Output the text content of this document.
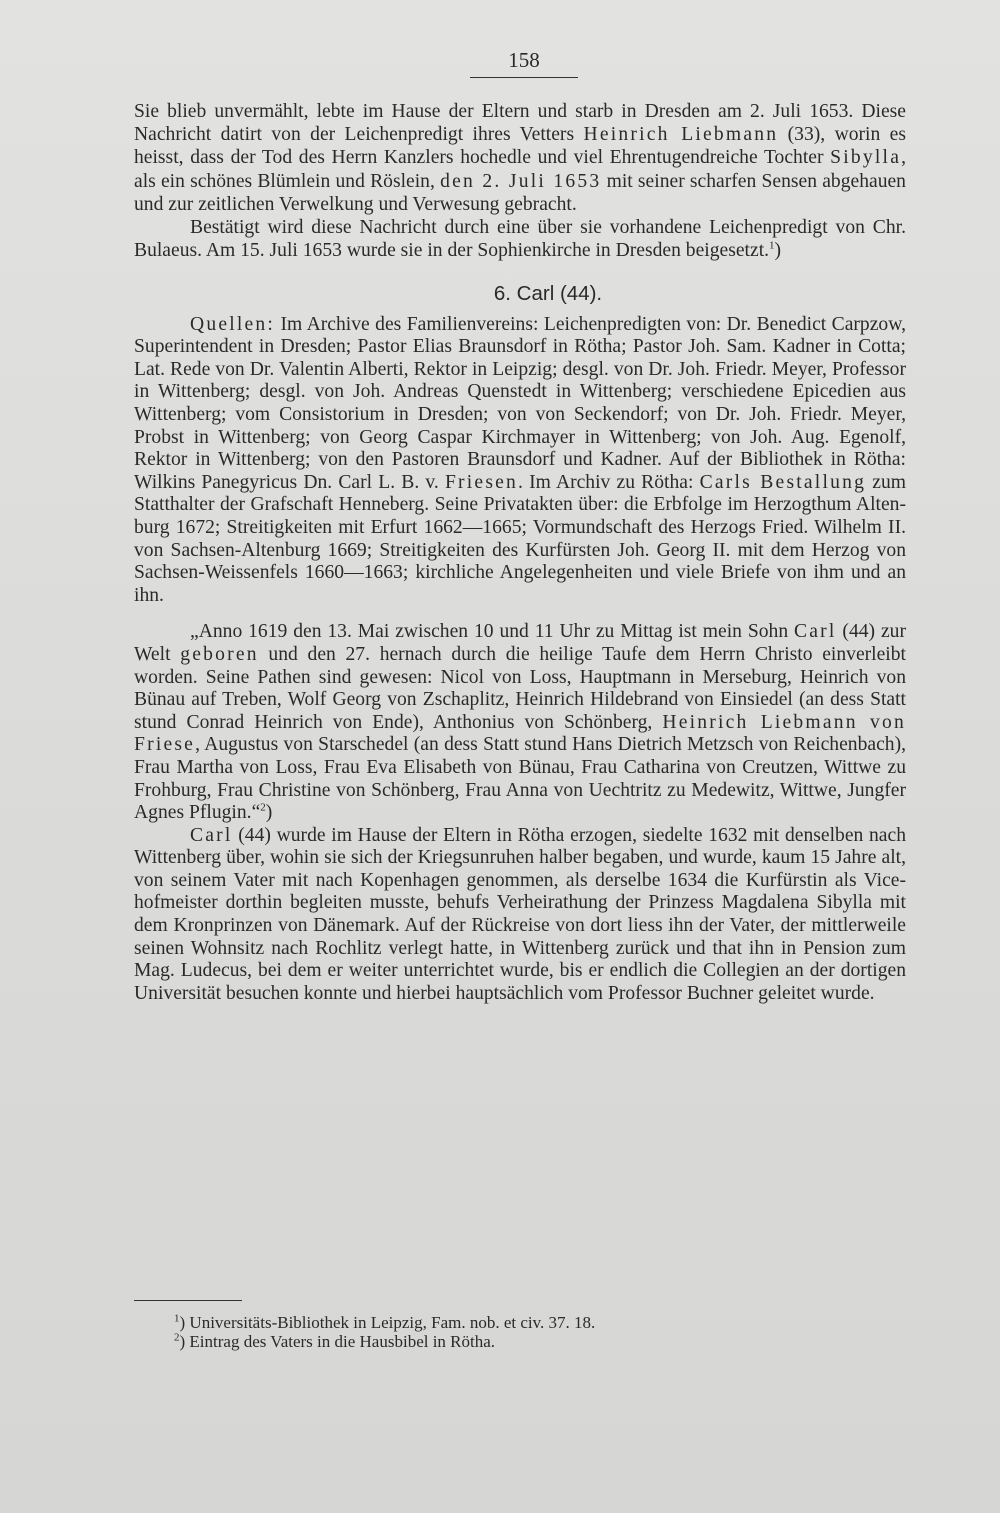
158

Sie blieb unvermählt, lebte im Hause der Eltern und starb in Dresden am 2. Juli 1653. Diese Nachricht datirt von der Leichenpredigt ihres Vetters Heinrich Liebmann (33), worin es heisst, dass der Tod des Herrn Kanzlers hochedle und viel Ehrentugendreiche Tochter Sibylla, als ein schönes Blümlein und Röslein, den 2. Juli 1653 mit seiner scharfen Sensen abgehauen und zur zeitlichen Verwelkung und Verwesung gebracht.

Bestätigt wird diese Nachricht durch eine über sie vorhandene Leichenpredigt von Chr. Bulaeus. Am 15. Juli 1653 wurde sie in der Sophienkirche in Dresden beigesetzt.$^1$)

6. Carl (44).

Quellen: Im Archive des Familienvereins: Leichenpredigten von: Dr. Benedict Carpzow, Superintendent in Dresden; Pastor Elias Braunsdorf in Rötha; Pastor Joh. Sam. Kadner in Cotta; Lat. Rede von Dr. Valentin Alberti, Rektor in Leipzig; desgl. von Dr. Joh. Friedr. Meyer, Professor in Wittenberg; desgl. von Joh. Andreas Quenstedt in Wittenberg; verschiedene Epicedien aus Wittenberg; vom Consistorium in Dresden; von von Seckendorf; von Dr. Joh. Friedr. Meyer, Probst in Wittenberg; von Georg Caspar Kirchmayer in Wittenberg; von Joh. Aug. Egenolf, Rektor in Wittenberg; von den Pastoren Braunsdorf und Kadner. Auf der Bibliothek in Rötha: Wilkins Panegyricus Dn. Carl L. B. v. Friesen. Im Archiv zu Rötha: Carls Bestallung zum Statthalter der Grafschaft Henneberg. Seine Privatakten über: die Erbfolge im Herzogthum Altenburg 1672; Streitigkeiten mit Erfurt 1662—1665; Vormundschaft des Herzogs Fried. Wilhelm II. von Sachsen-Altenburg 1669; Streitigkeiten des Kurfürsten Joh. Georg II. mit dem Herzog von Sachsen-Weissenfels 1660—1663; kirchliche Angelegenheiten und viele Briefe von ihm und an ihn.

„Anno 1619 den 13. Mai zwischen 10 und 11 Uhr zu Mittag ist mein Sohn Carl (44) zur Welt geboren und den 27. hernach durch die heilige Taufe dem Herrn Christo einverleibt worden. Seine Pathen sind gewesen: Nicol von Loss, Hauptmann in Merseburg, Heinrich von Bünau auf Treben, Wolf Georg von Zschaplitz, Heinrich Hildebrand von Einsiedel (an dess Statt stund Conrad Heinrich von Ende), Anthonius von Schönberg, Heinrich Liebmann von Friese, Augustus von Starschedel (an dess Statt stund Hans Dietrich Metzsch von Reichenbach), Frau Martha von Loss, Frau Eva Elisabeth von Bünau, Frau Catharina von Creutzen, Wittwe zu Frohburg, Frau Christine von Schönberg, Frau Anna von Uechtritz zu Medewitz, Wittwe, Jungfer Agnes Pflugin.“$^2$)

Carl (44) wurde im Hause der Eltern in Rötha erzogen, siedelte 1632 mit denselben nach Wittenberg über, wohin sie sich der Kriegsunruhen halber begaben, und wurde, kaum 15 Jahre alt, von seinem Vater mit nach Kopenhagen genommen, als derselbe 1634 die Kurfürstin als Vicehofmeister dorthin begleiten musste, behufs Verheirathung der Prinzess Magdalena Sibylla mit dem Kronprinzen von Dänemark. Auf der Rückreise von dort liess ihn der Vater, der mittlerweile seinen Wohnsitz nach Rochlitz verlegt hatte, in Wittenberg zurück und that ihn in Pension zum Mag. Ludecus, bei dem er weiter unterrichtet wurde, bis er endlich die Collegien an der dortigen Universität besuchen konnte und hierbei hauptsächlich vom Professor Buchner geleitet wurde.

$^1$) Universitäts-Bibliothek in Leipzig, Fam. nob. et civ. 37. 18.
$^2$) Eintrag des Vaters in die Hausbibel in Rötha.
